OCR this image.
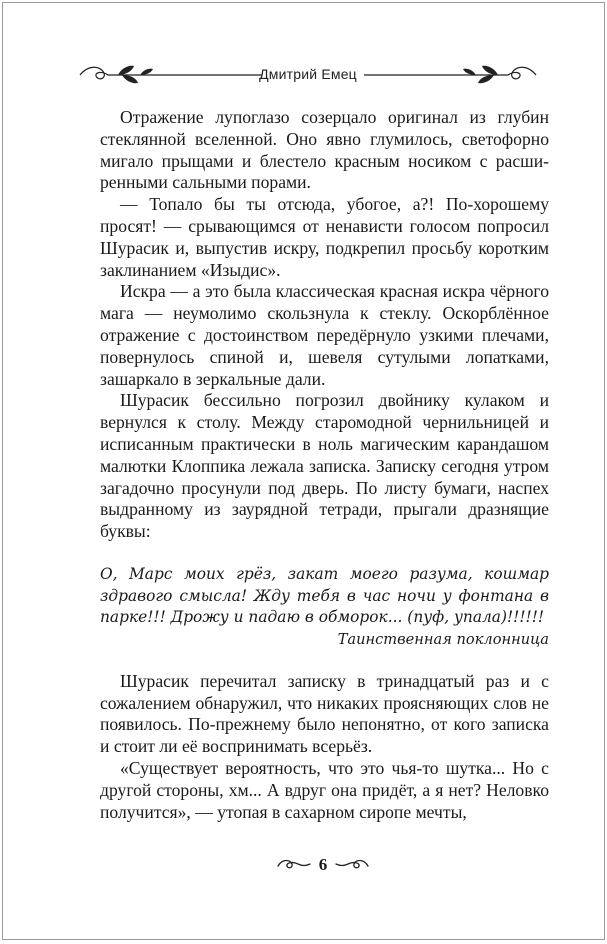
Дмитрий Емец

Отражение лупоглазо созерцало оригинал из глубин стеклянной вселенной. Оно явно глумилось, светофорно мигало прыщами и блестело красным носиком с расширенными сальными порами.

— Топало бы ты отсюда, убогое, а?! По-хорошему просят! — срывающимся от ненависти голосом попросил Шурасик и, выпустив искру, подкрепил просьбу коротким заклинанием «Изыдис».

Искра — а это была классическая красная искра чёрного мага — неумолимо скользнула к стеклу. Оскорблённое отражение с достоинством передёрнуло узкими плечами, повернулось спиной и, шевеля сутулыми лопатками, зашаркало в зеркальные дали.

Шурасик бессильно погрозил двойнику кулаком и вернулся к столу. Между старомодной чернильницей и исписанным практически в ноль магическим карандашом малютки Клоппика лежала записка. Записку сегодня утром загадочно просунули под дверь. По листу бумаги, наспех выдранному из заурядной тетради, прыгали дразнящие буквы:

О, Марс моих грёз, закат моего разума, кошмар здравого смысла! Жду тебя в час ночи у фонтана в парке!!! Дрожу и падаю в обморок... (пуф, упала)!!!!!!

Таинственная поклонница

Шурасик перечитал записку в тринадцатый раз и с сожалением обнаружил, что никаких проясняющих слов не появилось. По-прежнему было непонятно, от кого записка и стоит ли её воспринимать всерьёз.

«Существует вероятность, что это чья-то шутка... Но с другой стороны, хм... А вдруг она придёт, а я нет? Неловко получится», — утопая в сахарном сиропе мечты,

6
